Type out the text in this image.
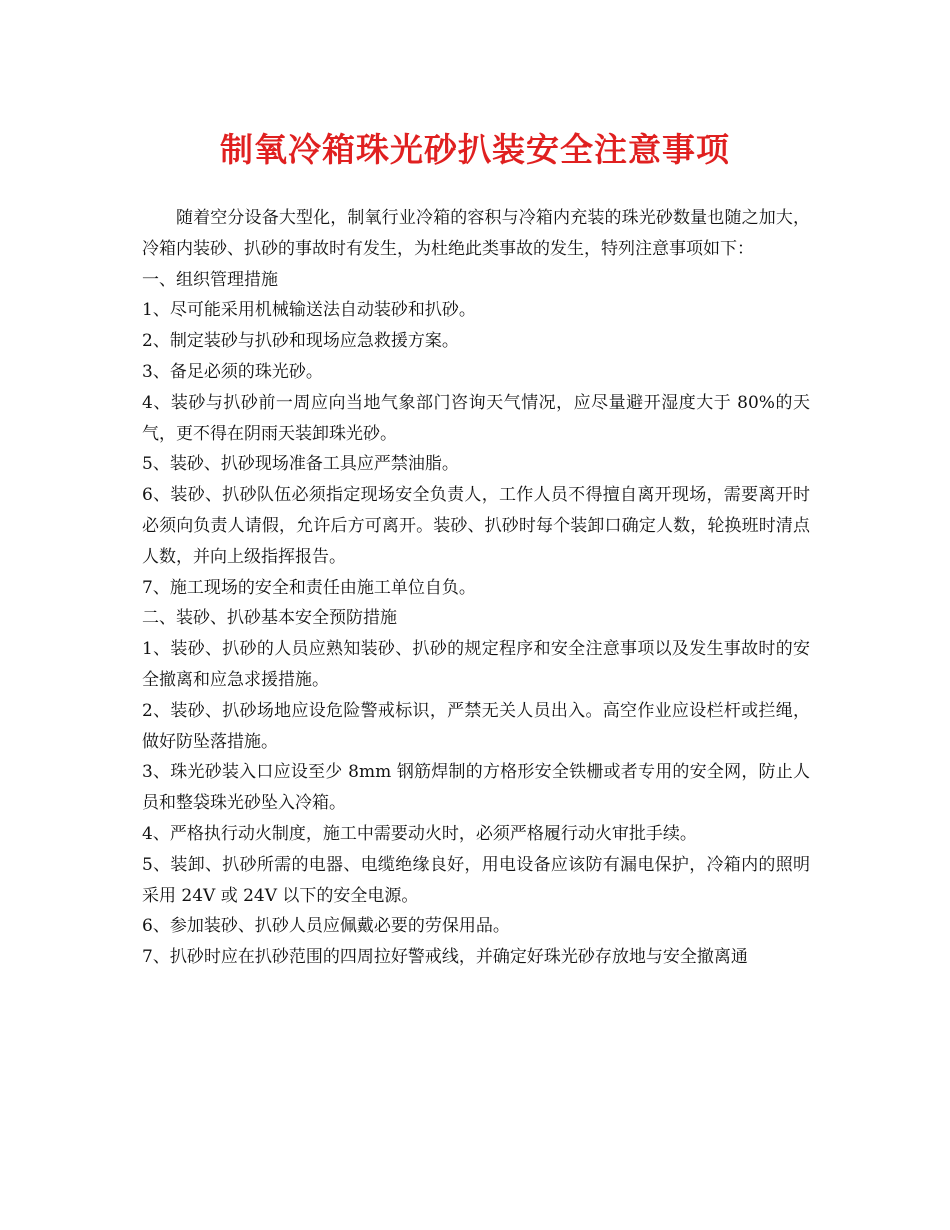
制氧冷箱珠光砂扒装安全注意事项

随着空分设备大型化，制氧行业冷箱的容积与冷箱内充装的珠光砂数量也随之加大，冷箱内装砂、扒砂的事故时有发生，为杜绝此类事故的发生，特列注意事项如下：

一、组织管理措施

1、尽可能采用机械输送法自动装砂和扒砂。

2、制定装砂与扒砂和现场应急救援方案。

3、备足必须的珠光砂。

4、装砂与扒砂前一周应向当地气象部门咨询天气情况，应尽量避开湿度大于 80%的天气，更不得在阴雨天装卸珠光砂。

5、装砂、扒砂现场准备工具应严禁油脂。

6、装砂、扒砂队伍必须指定现场安全负责人，工作人员不得擅自离开现场，需要离开时必须向负责人请假，允许后方可离开。装砂、扒砂时每个装卸口确定人数，轮换班时清点人数，并向上级指挥报告。

7、施工现场的安全和责任由施工单位自负。

二、装砂、扒砂基本安全预防措施

1、装砂、扒砂的人员应熟知装砂、扒砂的规定程序和安全注意事项以及发生事故时的安全撤离和应急求援措施。

2、装砂、扒砂场地应设危险警戒标识，严禁无关人员出入。高空作业应设栏杆或拦绳，做好防坠落措施。

3、珠光砂装入口应设至少 8mm 钢筋焊制的方格形安全铁栅或者专用的安全网，防止人员和整袋珠光砂坠入冷箱。

4、严格执行动火制度，施工中需要动火时，必须严格履行动火审批手续。

5、装卸、扒砂所需的电器、电缆绝缘良好，用电设备应该防有漏电保护，冷箱内的照明采用 24V 或 24V 以下的安全电源。

6、参加装砂、扒砂人员应佩戴必要的劳保用品。

7、扒砂时应在扒砂范围的四周拉好警戒线，并确定好珠光砂存放地与安全撤离通
